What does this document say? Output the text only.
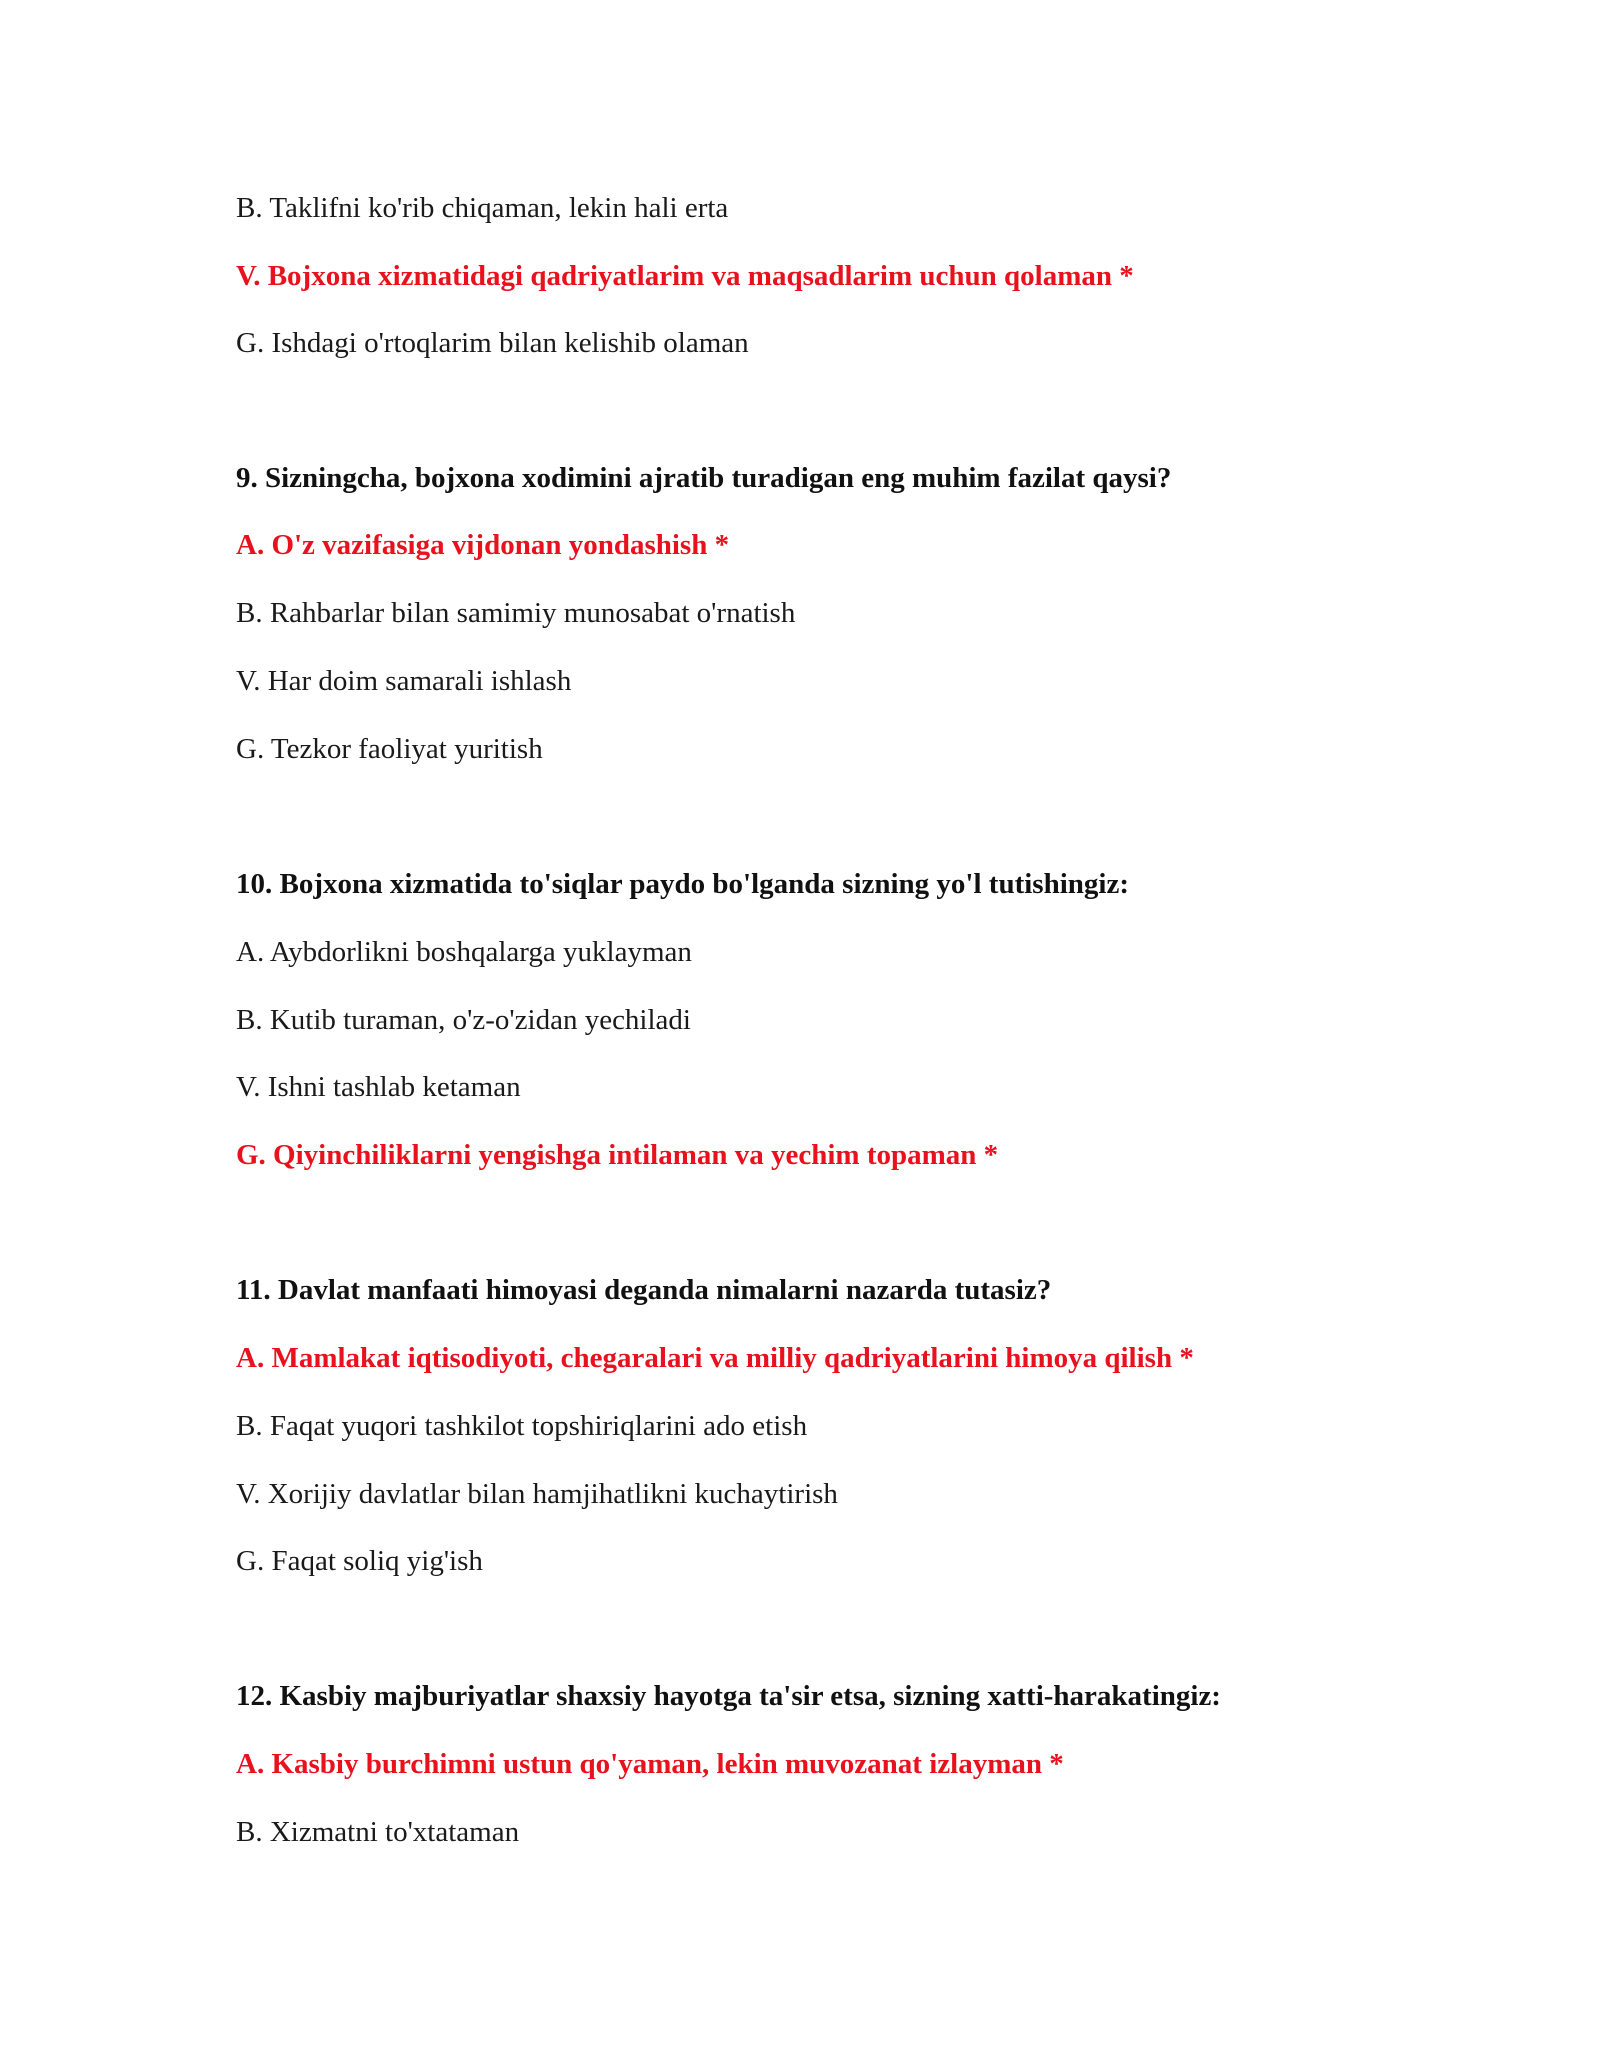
B. Taklifni ko'rib chiqaman, lekin hali erta
V. Bojxona xizmatidagi qadriyatlarim va maqsadlarim uchun qolaman *
G. Ishdagi o'rtoqlarim bilan kelishib olaman
9. Sizningcha, bojxona xodimini ajratib turadigan eng muhim fazilat qaysi?
A. O'z vazifasiga vijdonan yondashish *
B. Rahbarlar bilan samimiy munosabat o'rnatish
V. Har doim samarali ishlash
G. Tezkor faoliyat yuritish
10. Bojxona xizmatida to'siqlar paydo bo'lganda sizning yo'l tutishingiz:
A. Aybdorlikni boshqalarga yuklayman
B. Kutib turaman, o'z-o'zidan yechiladi
V. Ishni tashlab ketaman
G. Qiyinchiliklarni yengishga intilaman va yechim topaman *
11. Davlat manfaati himoyasi deganda nimalarni nazarda tutasiz?
A. Mamlakat iqtisodiyoti, chegaralari va milliy qadriyatlarini himoya qilish *
B. Faqat yuqori tashkilot topshiriqlarini ado etish
V. Xorijiy davlatlar bilan hamjihatlikni kuchaytirish
G. Faqat soliq yig'ish
12. Kasbiy majburiyatlar shaxsiy hayotga ta'sir etsa, sizning xatti-harakatingiz:
A. Kasbiy burchimni ustun qo'yaman, lekin muvozanat izlayman *
B. Xizmatni to'xtataman
